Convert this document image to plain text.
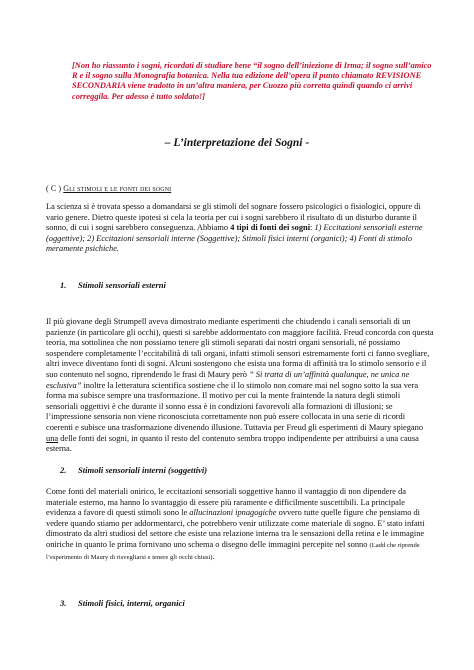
[Non ho riassunto i sogni, ricordati di studiare bene “il sogno dell’iniezione di Irma; il sogno sull’amico R e il sogno sulla Monografia botanica. Nella tua edizione dell’opera il punto chiamato REVISIONE SECONDARIA viene tradotto in un’altra maniera, per Cuozzo più corretta quindi quando ci arrivi correggila. Per adesso è tutto soldato!]

– L’interpretazione dei Sogni -

( C ) Gli stimoli e le fonti dei sogni

La scienza si è trovata spesso a domandarsi se gli stimoli del sognare fossero psicologici o fisiologici, oppure di vario genere. Dietro queste ipotesi si cela la teoria per cui i sogni sarebbero il risultato di un disturbo durante il sonno, di cui i sogni sarebbero conseguenza. Abbiamo 4 tipi di fonti dei sogni: 1) Eccitazioni sensoriali esterne (oggettive); 2) Eccitazioni sensoriali interne (Soggettive); Stimoli fisici interni (organici); 4) Fonti di stimolo meramente psichiche.

1. Stimoli sensoriali esterni

Il più giovane degli Strumpell aveva dimostrato mediante esperimenti che chiudendo i canali sensoriali di un pazienze (in particolare gli occhi), questi si sarebbe addormentato con maggiore facilità. Freud concorda con questa teoria, ma sottolinea che non possiamo tenere gli stimoli separati dai nostri organi sensoriali, né possiamo sospendere completamente l’eccitabilità di tali organi, infatti stimoli sensori estremamente forti ci fanno svegliare, altri invece diventano fonti di sogni. Alcuni sostengono che esista una forma di affinità tra lo stimolo sensorio e il suo contenuto nel sogno, riprendendo le frasi di Maury però ” Si tratta di un’affinità qualunque, ne unica ne esclusiva” inoltre la letteratura scientifica sostiene che il lo stimolo non comare mai nel sogno sotto la sua vera forma ma subisce sempre una trasformazione. Il motivo per cui la mente fraintende la natura degli stimoli sensoriali oggettivi è che durante il sonno essa è in condizioni favorevoli alla formazioni di illusioni; se l’impressione sensoria non viene riconosciuta correttamente non può essere collocata in una serie di ricordi coerenti e subisce una trasformazione divenendo illusione. Tuttavia per Freud gli esperimenti di Maury spiegano una delle fonti dei sogni, in quanto il resto del contenuto sembra troppo indipendente per attribuirsi a una causa esterna.

2. Stimoli sensoriali interni (soggettivi)

Come fonti del materiali onirico, le eccitazioni sensoriali soggettive hanno il vantaggio di non dipendere da materiale esterno, ma hanno lo svantaggio di essere più raramente e difficilmente suscettibili. La principale evidenza a favore di questi stimoli sono le allucinazioni ipnagogiche ovvero tutte quelle figure che pensiamo di vedere quando stiamo per addormentarci, che potrebbero venir utilizzate come materiale di sogno. E’ stato infatti dimostrato da altri studiosi del settore che esiste una relazione interna tra le sensazioni della retina e le immagine oniriche in quanto le prima fornivano uno schema o disegno delle immagini percepite nel sonno (Ladd che riprende l’esperimento di Maury di risvegliarsi e tenere gli occhi chiusi).

3. Stimoli fisici, interni, organici
